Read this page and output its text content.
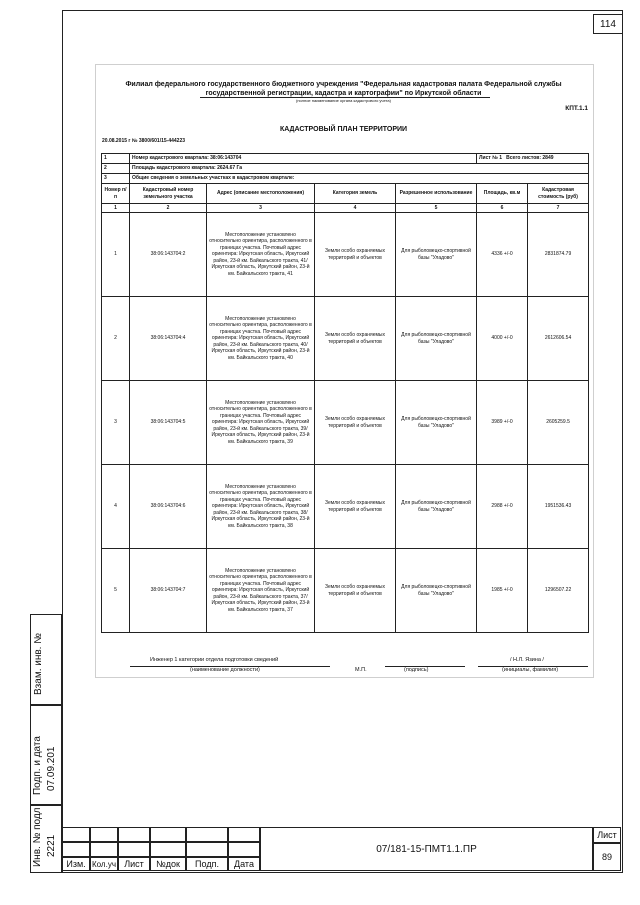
114
Филиал федерального государственного бюджетного учреждения "Федеральная кадастровая палата Федеральной службы государственной регистрации, кадастра и картографии" по Иркутской области
(полное наименование органа кадастрового учета)
КПТ.1.1
КАДАСТРОВЫЙ ПЛАН ТЕРРИТОРИИ
20.08.2015 г № 3800/601/15-444223
1	Номер кадастрового квартала: 38:06:143704				Лист № 1 Всего листов: 2849	
2	Площадь кадастрового квартала: 2624.67 Га					
3	Общие сведения о земельных участках в кадастровом квартале:					
Номер п/п	Кадастровый номер земельного участка	Адрес (описание местоположения)	Категория земель	Разрешенное использование	Площадь, кв.м	Кадастровая стоимость (руб)
1	2	3	4	5	6	7
1	38:06:143704:2	Местоположение установлено относительно ориентира, расположенного в границах участка. Почтовый адрес ориентира: Иркутская область, Иркутский район, 23-й км. Байкальского тракта, 41/Иркутская область, Иркутский район, 23-й км. Байкальского тракта, 41	Земли особо охраняемых территорий и объектов	Для рыболовецко-спортивной базы "Уладово"	4336 +/-0	2831874.79
2	38:06:143704:4	Местоположение установлено относительно ориентира, расположенного в границах участка. Почтовый адрес ориентира: Иркутская область, Иркутский район, 23-й км. Байкальского тракта, 40/Иркутская область, Иркутский район, 23-й км. Байкальского тракта, 40	Земли особо охраняемых территорий и объектов	Для рыболовецко-спортивной базы "Уладово"	4000 +/-0	2612606.54
3	38:06:143704:5	Местоположение установлено относительно ориентира, расположенного в границах участка. Почтовый адрес ориентира: Иркутская область, Иркутский район, 23-й км. Байкальского тракта, 39/Иркутская область, Иркутский район, 23-й км. Байкальского тракта, 39	Земли особо охраняемых территорий и объектов	Для рыболовецко-спортивной базы "Уладово"	3989 +/-0	2605259.5
4	38:06:143704:6	Местоположение установлено относительно ориентира, расположенного в границах участка. Почтовый адрес ориентира: Иркутская область, Иркутский район, 23-й км. Байкальского тракта, 38/Иркутская область, Иркутский район, 23-й км. Байкальского тракта, 38	Земли особо охраняемых территорий и объектов	Для рыболовецко-спортивной базы "Уладово"	2988 +/-0	1951536.43
5	38:06:143704:7	Местоположение установлено относительно ориентира, расположенного в границах участка. Почтовый адрес ориентира: Иркутская область, Иркутский район, 23-й км. Байкальского тракта, 37/Иркутская область, Иркутский район, 23-й км. Байкальского тракта, 37	Земли особо охраняемых территорий и объектов	Для рыболовецко-спортивной базы "Уладово"	1985 +/-0	1296507.22
Инженер 1 категории отдела подготовки сведений
(наименование должности)	М.П.	(подпись)
/ Н.Л. Язина /
(инициалы, фамилия)
Взам. инв. №
Подп. и дата 07.09.201
Инв. № подл 2221
Изм. Кол.уч Лист	№док	Подп.	Дата
07/181-15-ПМТ1.1.ПР
Лист
89
